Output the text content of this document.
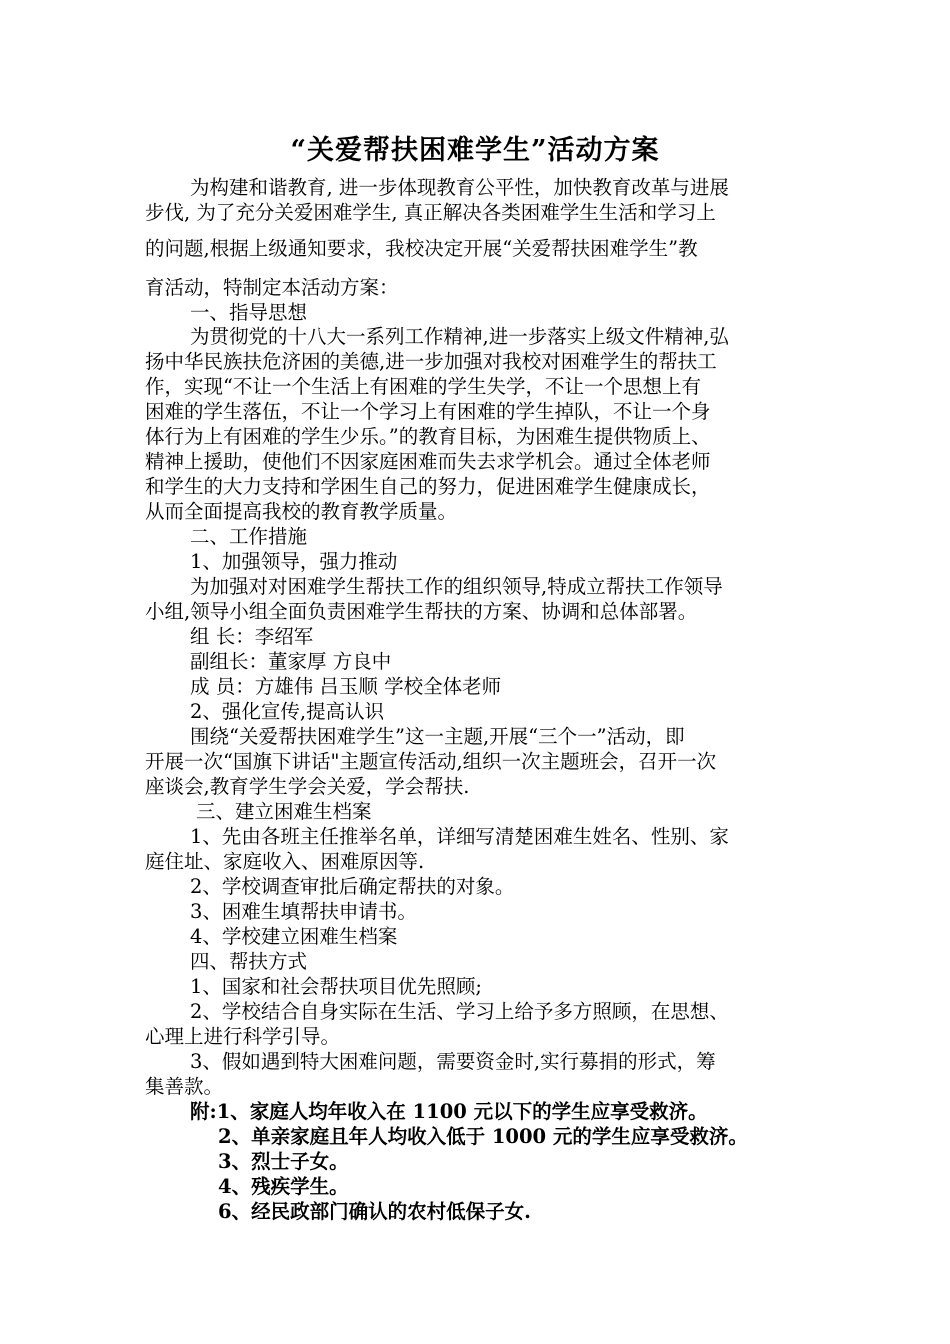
“关爱帮扶困难学生”活动方案
为构建和谐教育, 进一步体现教育公平性，加快教育改革与进展
步伐, 为了充分关爱困难学生, 真正解决各类困难学生生活和学习上
的问题,根据上级通知要求，我校决定开展“关爱帮扶困难学生”教
育活动，特制定本活动方案：
一、指导思想
为贯彻党的十八大一系列工作精神,进一步落实上级文件精神,弘
扬中华民族扶危济困的美德,进一步加强对我校对困难学生的帮扶工
作，实现“不让一个生活上有困难的学生失学，不让一个思想上有
困难的学生落伍，不让一个学习上有困难的学生掉队，不让一个身
体行为上有困难的学生少乐。”的教育目标，为困难生提供物质上、
精神上援助，使他们不因家庭困难而失去求学机会。通过全体老师
和学生的大力支持和学困生自己的努力，促进困难学生健康成长，
从而全面提高我校的教育教学质量。
二、工作措施
1、加强领导，强力推动
为加强对对困难学生帮扶工作的组织领导,特成立帮扶工作领导
小组,领导小组全面负责困难学生帮扶的方案、协调和总体部署。
组 长：李绍军
副组长：董家厚 方良中
成 员：方雄伟 吕玉顺 学校全体老师
2、强化宣传,提高认识
围绕“关爱帮扶困难学生”这一主题,开展“三个一”活动，即
开展一次“国旗下讲话"主题宣传活动,组织一次主题班会，召开一次
座谈会,教育学生学会关爱，学会帮扶.
三、建立困难生档案
1、先由各班主任推举名单，详细写清楚困难生姓名、性别、家
庭住址、家庭收入、困难原因等.
2、学校调查审批后确定帮扶的对象。
3、困难生填帮扶申请书。
4、学校建立困难生档案
四、帮扶方式
1、国家和社会帮扶项目优先照顾;
2、学校结合自身实际在生活、学习上给予多方照顾，在思想、
心理上进行科学引导。
3、假如遇到特大困难问题，需要资金时,实行募捐的形式，筹
集善款。
附:1、家庭人均年收入在 1100 元以下的学生应享受救济。
2、单亲家庭且年人均收入低于 1000 元的学生应享受救济。
3、烈士子女。
4、残疾学生。
6、经民政部门确认的农村低保子女.
